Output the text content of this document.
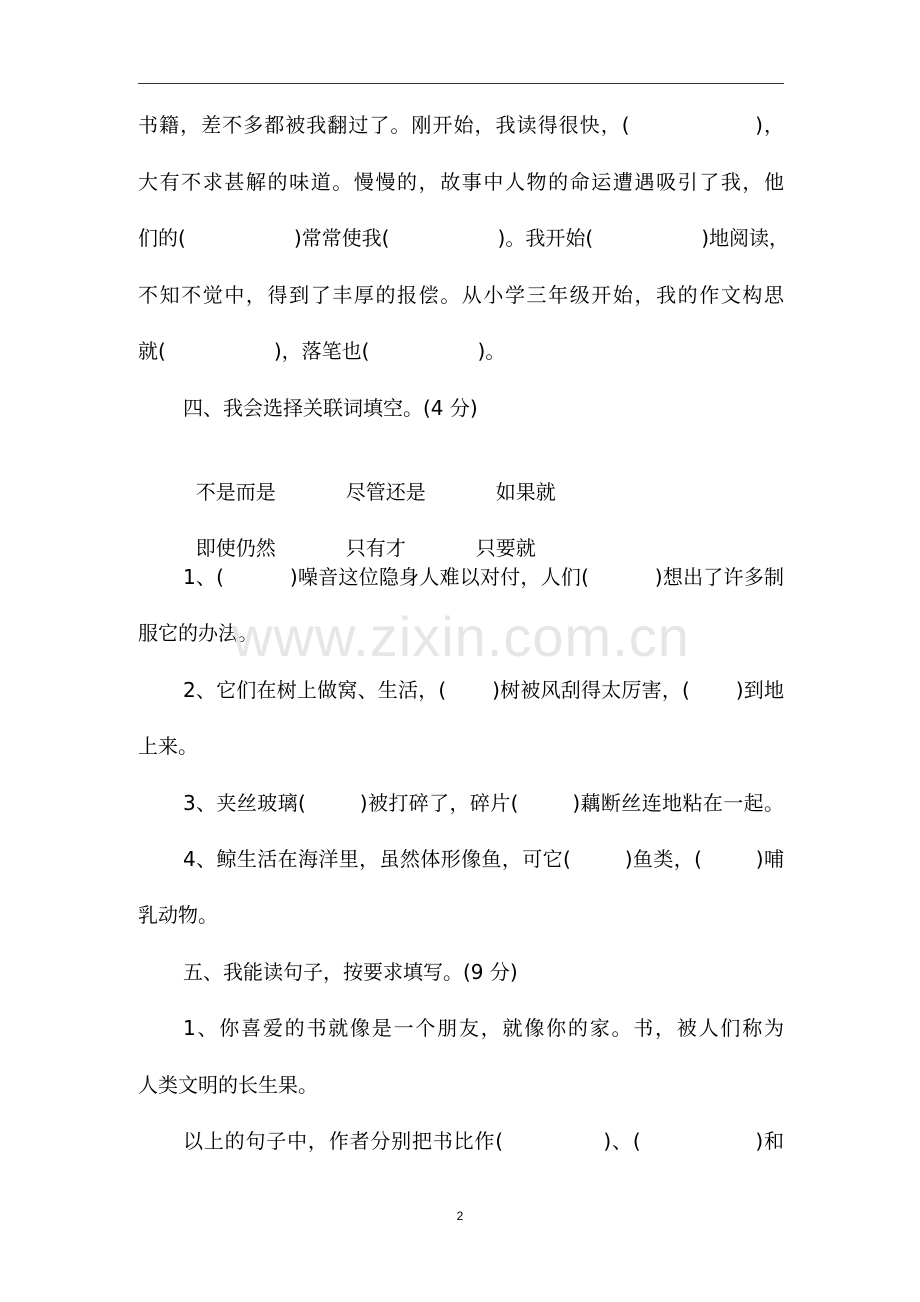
书籍，差不多都被我翻过了。刚开始，我读得很快，(                 )，
大有不求甚解的味道。慢慢的，故事中人物的命运遭遇吸引了我，他
们的(                 )常常使我(                 )。我开始(                 )地阅读，
不知不觉中，得到了丰厚的报偿。从小学三年级开始，我的作文构思
就(                 )，落笔也(                 )。
四、我会选择关联词填空。(4 分)

不是而是	尽管还是	如果就

即使仍然	只有才	只要就

1、(          )噪音这位隐身人难以对付，人们(          )想出了许多制
服它的办法。
2、它们在树上做窝、生活，(       )树被风刮得太厉害，(       )到地
上来。
3、夹丝玻璃(        )被打碎了，碎片(        )藕断丝连地粘在一起。
4、鲸生活在海洋里，虽然体形像鱼，可它(        )鱼类，(        )哺
乳动物。
五、我能读句子，按要求填写。(9 分)
1、你喜爱的书就像是一个朋友，就像你的家。书，被人们称为
人类文明的长生果。
以上的句子中，作者分别把书比作(              )、(                )和
www.zixin.com.cn
2
